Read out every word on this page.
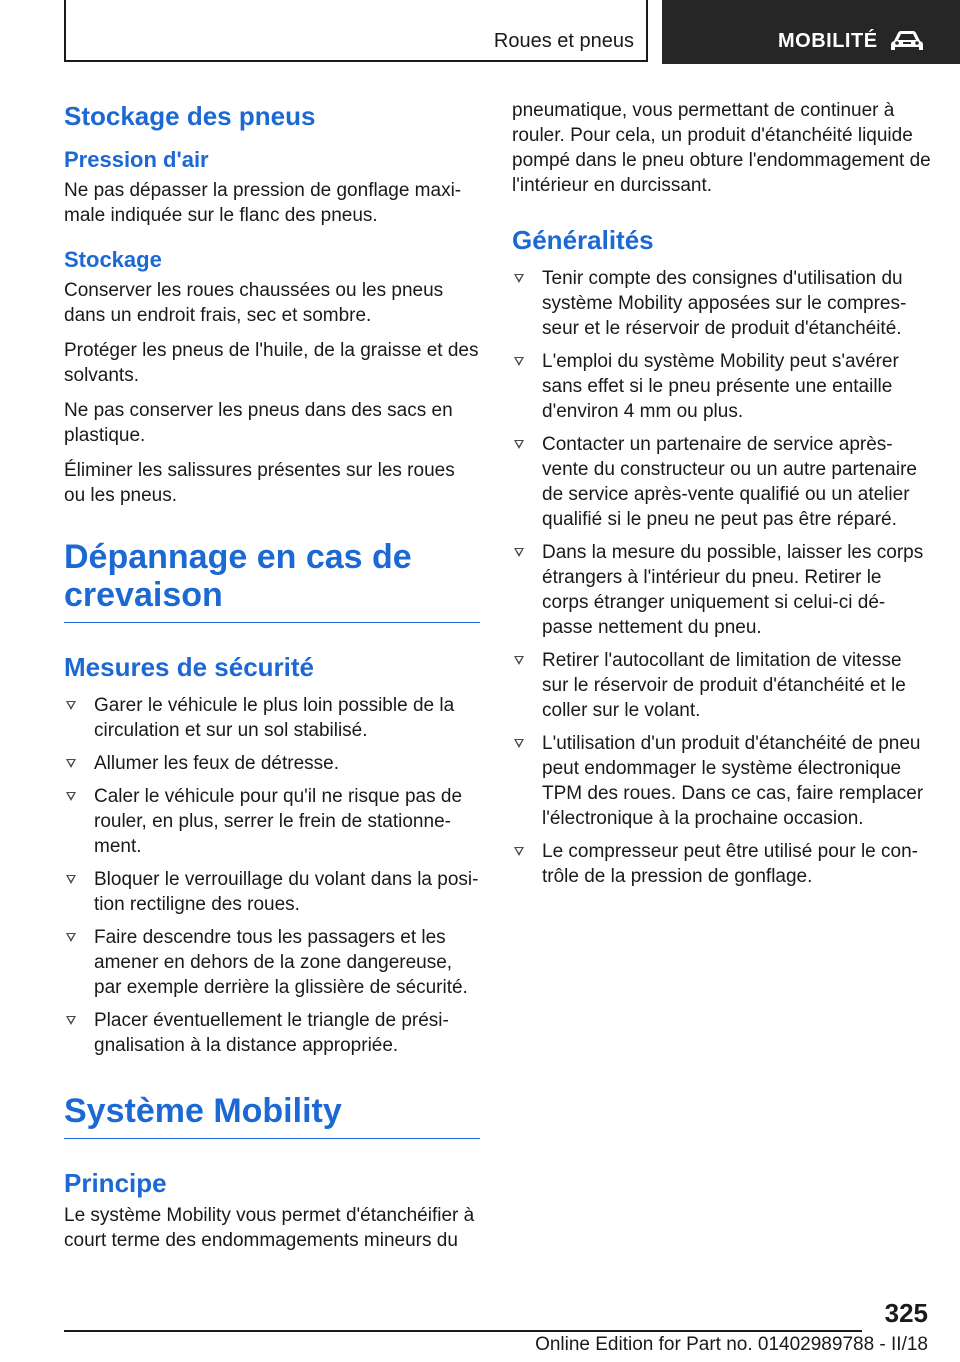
Roues et pneus	MOBILITÉ
Stockage des pneus
Pression d'air

Ne pas dépasser la pression de gonflage maxi-male indiquée sur le flanc des pneus.

Stockage

Conserver les roues chaussées ou les pneus dans un endroit frais, sec et sombre.

Protéger les pneus de l'huile, de la graisse et des solvants.

Ne pas conserver les pneus dans des sacs en plastique.

Éliminer les salissures présentes sur les roues ou les pneus.

Dépannage en cas de crevaison
Mesures de sécurité
Garer le véhicule le plus loin possible de la circulation et sur un sol stabilisé.
Allumer les feux de détresse.
Caler le véhicule pour qu'il ne risque pas de rouler, en plus, serrer le frein de stationne-ment.
Bloquer le verrouillage du volant dans la posi-tion rectiligne des roues.
Faire descendre tous les passagers et les amener en dehors de la zone dangereuse, par exemple derrière la glissière de sécurité.
Placer éventuellement le triangle de prési-gnalisation à la distance appropriée.
Système Mobility
Principe

Le système Mobility vous permet d'étanchéifier à court terme des endommagements mineurs du

pneumatique, vous permettant de continuer à rouler. Pour cela, un produit d'étanchéité liquide pompé dans le pneu obture l'endommagement de l'intérieur en durcissant.

Généralités
Tenir compte des consignes d'utilisation du système Mobility apposées sur le compres-seur et le réservoir de produit d'étanchéité.
L'emploi du système Mobility peut s'avérer sans effet si le pneu présente une entaille d'environ 4 mm ou plus.
Contacter un partenaire de service après-vente du constructeur ou un autre partenaire de service après-vente qualifié ou un atelier qualifié si le pneu ne peut pas être réparé.
Dans la mesure du possible, laisser les corps étrangers à l'intérieur du pneu. Retirer le corps étranger uniquement si celui-ci dé-passe nettement du pneu.
Retirer l'autocollant de limitation de vitesse sur le réservoir de produit d'étanchéité et le coller sur le volant.
L'utilisation d'un produit d'étanchéité de pneu peut endommager le système électronique TPM des roues. Dans ce cas, faire remplacer l'électronique à la prochaine occasion.
Le compresseur peut être utilisé pour le con-trôle de la pression de gonflage.
325
Online Edition for Part no. 01402989788 - II/18
